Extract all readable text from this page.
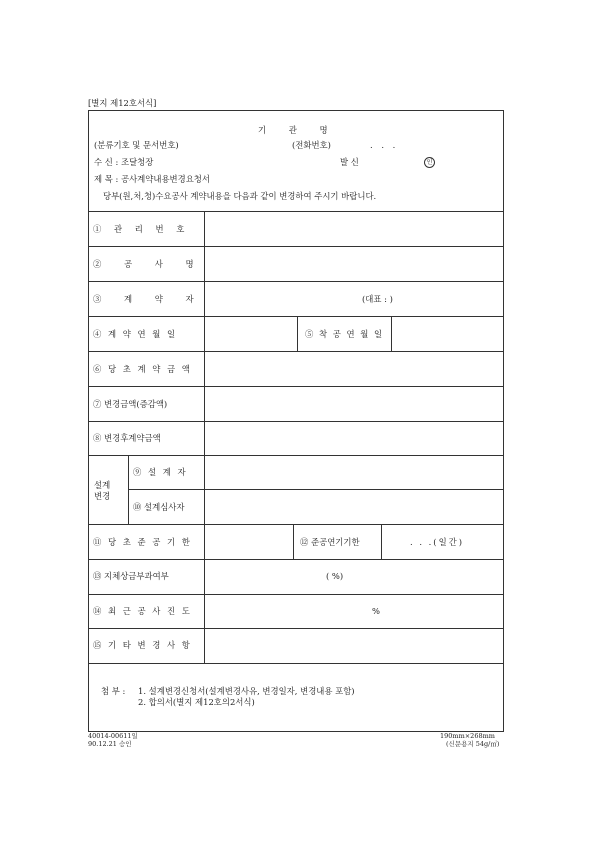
[별지 제12호서식]
기 관 명
(분류기호 및 문서번호)	(전화번호)	. . .
수 신 : 조달청장	발 신	인
제 목 : 공사계약내용변경요청서
당부(원,처,청)수요공사 계약내용을 다음과 같이 변경하여 주시기 바랍니다.
① 관 리 번 호
② 공 사 명
③ 계 약 자	(대표 : )
④ 계 약 연 월 일	⑤ 착 공 연 월 일
⑥ 당 초 계 약 금 액
⑦ 변경금액(증감액)
⑧ 변경후계약금액
설계
변경
⑨ 설 계 자
⑩ 설계심사자
⑪ 당 초 준 공 기 한	⑫ 준공연기기한	. . .(일간)
⑬ 지체상금부과여부	( %)
⑭ 최 근 공 사 진 도	%
⑮ 기 타 변 경 사 항
첨 부 : 1. 설계변경신청서(설계변경사유, 변경일자, 변경내용 포함)
2. 합의서(별지 제12호의2서식)
40014-00611일
90.12.21 승인
190mm×268mm
(신문용지 54g/㎡)
